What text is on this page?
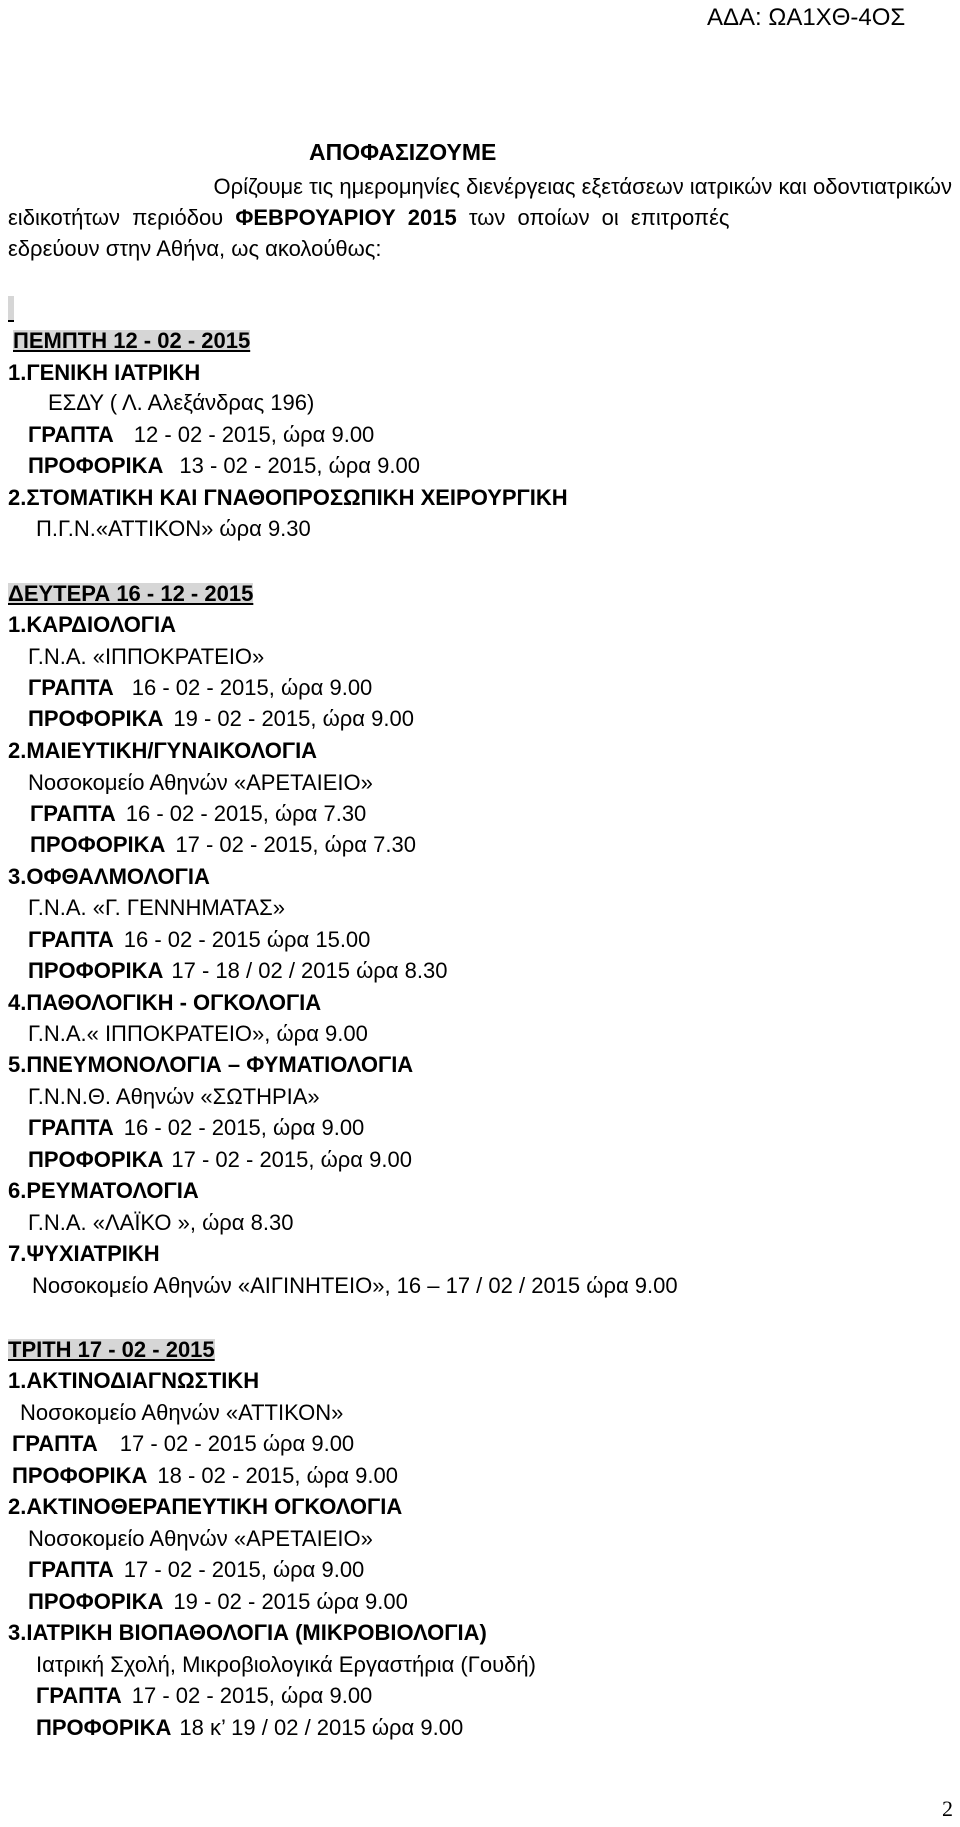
ΑΔΑ: ΩΑ1ΧΘ-4ΟΣ
ΑΠΟΦΑΣΙΖΟΥΜΕ
Ορίζουμε τις ημερομηνίες διενέργειας εξετάσεων ιατρικών και οδοντιατρικών
ειδικοτήτων περιόδου ΦΕΒΡΟΥΑΡΙΟΥ 2015 των οποίων οι επιτροπές
εδρεύουν στην Αθήνα, ως ακολούθως:
ΠΕΜΠΤΗ 12 - 02 - 2015
1.ΓΕΝΙΚΗ ΙΑΤΡΙΚΗ
ΕΣΔΥ ( Λ. Αλεξάνδρας 196)
ΓΡΑΠΤΑ 12 - 02 - 2015, ώρα 9.00
ΠΡΟΦΟΡΙΚΑ 13 - 02 - 2015, ώρα 9.00
2.ΣΤΟΜΑΤΙΚΗ ΚΑΙ ΓΝΑΘΟΠΡΟΣΩΠΙΚΗ ΧΕΙΡΟΥΡΓΙΚΗ
Π.Γ.Ν.«ΑΤΤΙΚΟΝ» ώρα 9.30
ΔΕΥΤΕΡΑ 16 - 12 - 2015
1.ΚΑΡΔΙΟΛΟΓΙΑ
Γ.Ν.Α. «ΙΠΠΟΚΡΑΤΕΙΟ»
ΓΡΑΠΤΑ 16 - 02 - 2015, ώρα 9.00
ΠΡΟΦΟΡΙΚΑ 19 - 02 - 2015, ώρα 9.00
2.ΜΑΙΕΥΤΙΚΗ/ΓΥΝΑΙΚΟΛΟΓΙΑ
Νοσοκομείο Αθηνών «ΑΡΕΤΑΙΕΙΟ»
ΓΡΑΠΤΑ 16 - 02 - 2015, ώρα 7.30
ΠΡΟΦΟΡΙΚΑ 17 - 02 - 2015, ώρα 7.30
3.ΟΦΘΑΛΜΟΛΟΓΙΑ
Γ.Ν.Α. «Γ. ΓΕΝΝΗΜΑΤΑΣ»
ΓΡΑΠΤΑ 16 - 02 - 2015 ώρα 15.00
ΠΡΟΦΟΡΙΚΑ 17 - 18 / 02 / 2015 ώρα 8.30
4.ΠΑΘΟΛΟΓΙΚΗ - ΟΓΚΟΛΟΓΙΑ
Γ.Ν.Α.« ΙΠΠΟΚΡΑΤΕΙΟ», ώρα 9.00
5.ΠΝΕΥΜΟΝΟΛΟΓΙΑ – ΦΥΜΑΤΙΟΛΟΓΙΑ
Γ.Ν.Ν.Θ. Αθηνών «ΣΩΤΗΡΙΑ»
ΓΡΑΠΤΑ 16 - 02 - 2015, ώρα 9.00
ΠΡΟΦΟΡΙΚΑ 17 - 02 - 2015, ώρα 9.00
6.ΡΕΥΜΑΤΟΛΟΓΙΑ
Γ.Ν.Α. «ΛΑΪΚΟ », ώρα 8.30
7.ΨΥΧΙΑΤΡΙΚΗ
Νοσοκομείο Αθηνών «ΑΙΓΙΝΗΤΕΙΟ», 16 – 17 / 02 / 2015 ώρα 9.00
ΤΡΙΤΗ 17 - 02 - 2015
1.ΑΚΤΙΝΟΔΙΑΓΝΩΣΤΙΚΗ
Νοσοκομείο Αθηνών «ΑΤΤΙΚΟΝ»
ΓΡΑΠΤΑ 17 - 02 - 2015 ώρα 9.00
ΠΡΟΦΟΡΙΚΑ 18 - 02 - 2015, ώρα 9.00
2.ΑΚΤΙΝΟΘΕΡΑΠΕΥΤΙΚΗ ΟΓΚΟΛΟΓΙΑ
Νοσοκομείο Αθηνών «ΑΡΕΤΑΙΕΙΟ»
ΓΡΑΠΤΑ 17 - 02 - 2015, ώρα 9.00
ΠΡΟΦΟΡΙΚΑ 19 - 02 - 2015 ώρα 9.00
3.ΙΑΤΡΙΚΗ ΒΙΟΠΑΘΟΛΟΓΙΑ (ΜΙΚΡΟΒΙΟΛΟΓΙΑ)
Ιατρική Σχολή, Μικροβιολογικά Εργαστήρια (Γουδή)
ΓΡΑΠΤΑ 17 - 02 - 2015, ώρα 9.00
ΠΡΟΦΟΡΙΚΑ 18 κ’ 19 / 02 / 2015 ώρα 9.00
2
